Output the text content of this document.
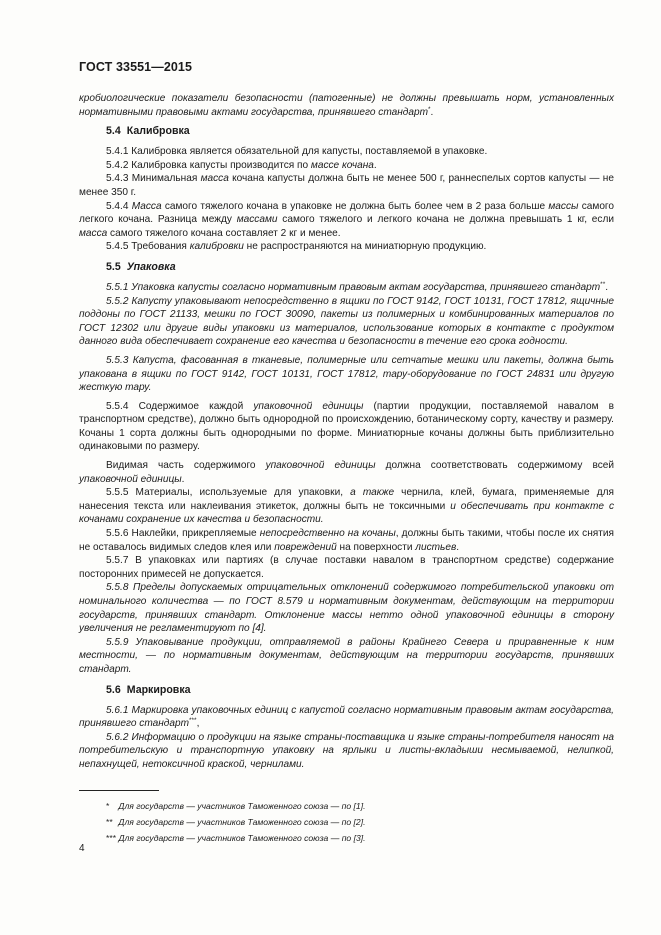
ГОСТ 33551—2015

кробиологические показатели безопасности (патогенные) не должны превышать норм, установленных нормативными правовыми актами государства, принявшего стандарт*.

5.4 Калибровка

5.4.1 Калибровка является обязательной для капусты, поставляемой в упаковке.

5.4.2 Калибровка капусты производится по массе кочана.

5.4.3 Минимальная масса кочана капусты должна быть не менее 500 г, раннеспелых сортов капусты — не менее 350 г.

5.4.4 Масса самого тяжелого кочана в упаковке не должна быть более чем в 2 раза больше массы самого легкого кочана. Разница между массами самого тяжелого и легкого кочана не должна превышать 1 кг, если масса самого тяжелого кочана составляет 2 кг и менее.

5.4.5 Требования калибровки не распространяются на миниатюрную продукцию.

5.5 Упаковка

5.5.1 Упаковка капусты согласно нормативным правовым актам государства, принявшего стандарт**.

5.5.2 Капусту упаковывают непосредственно в ящики по ГОСТ 9142, ГОСТ 10131, ГОСТ 17812, ящичные поддоны по ГОСТ 21133, мешки по ГОСТ 30090, пакеты из полимерных и комбинированных материалов по ГОСТ 12302 или другие виды упаковки из материалов, использование которых в контакте с продуктом данного вида обеспечивает сохранение его качества и безопасности в течение его срока годности.

5.5.3 Капуста, фасованная в тканевые, полимерные или сетчатые мешки или пакеты, должна быть упакована в ящики по ГОСТ 9142, ГОСТ 10131, ГОСТ 17812, тару-оборудование по ГОСТ 24831 или другую жесткую тару.

5.5.4 Содержимое каждой упаковочной единицы (партии продукции, поставляемой навалом в транспортном средстве), должно быть однородной по происхождению, ботаническому сорту, качеству и размеру. Кочаны 1 сорта должны быть однородными по форме. Миниатюрные кочаны должны быть приблизительно одинаковыми по размеру.

Видимая часть содержимого упаковочной единицы должна соответствовать содержимому всей упаковочной единицы.

5.5.5 Материалы, используемые для упаковки, а также чернила, клей, бумага, применяемые для нанесения текста или наклеивания этикеток, должны быть не токсичными и обеспечивать при контакте с кочанами сохранение их качества и безопасности.

5.5.6 Наклейки, прикрепляемые непосредственно на кочаны, должны быть такими, чтобы после их снятия не оставалось видимых следов клея или повреждений на поверхности листьев.

5.5.7 В упаковках или партиях (в случае поставки навалом в транспортном средстве) содержание посторонних примесей не допускается.

5.5.8 Пределы допускаемых отрицательных отклонений содержимого потребительской упаковки от номинального количества — по ГОСТ 8.579 и нормативным документам, действующим на территории государств, принявших стандарт. Отклонение массы нетто одной упаковочной единицы в сторону увеличения не регламентируют по [4].

5.5.9 Упаковывание продукции, отправляемой в районы Крайнего Севера и приравненные к ним местности, — по нормативным документам, действующим на территории государств, принявших стандарт.

5.6 Маркировка

5.6.1 Маркировка упаковочных единиц с капустой согласно нормативным правовым актам государства, принявшего стандарт***,

5.6.2 Информацию о продукции на языке страны-поставщика и языке страны-потребителя наносят на потребительскую и транспортную упаковку на ярлыки и листы-вкладыши несмываемой, нелипкой, непахнущей, нетоксичной краской, чернилами.

* Для государств — участников Таможенного союза — по [1].
** Для государств — участников Таможенного союза — по [2].
*** Для государств — участников Таможенного союза — по [3].
4
